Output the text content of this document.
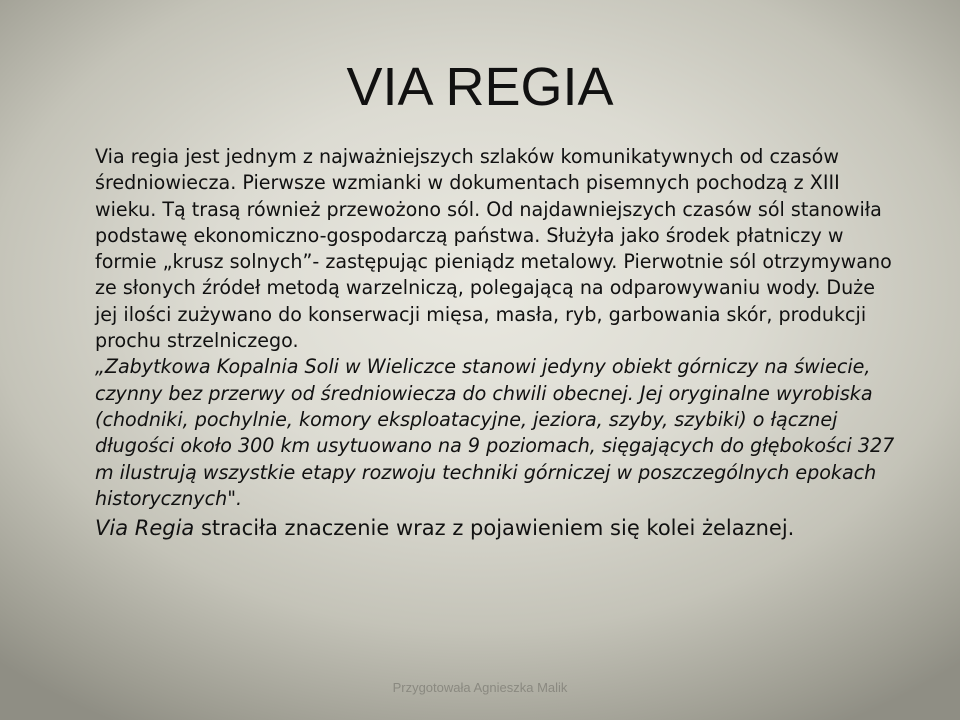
VIA REGIA

Via regia jest jednym z najważniejszych szlaków komunikatywnych od czasów średniowiecza. Pierwsze wzmianki w dokumentach pisemnych pochodzą z XIII wieku. Tą trasą również przewożono sól. Od najdawniejszych czasów sól stanowiła podstawę ekonomiczno-gospodarczą państwa. Służyła jako środek płatniczy w formie „krusz solnych”- zastępując pieniądz metalowy. Pierwotnie sól otrzymywano ze słonych źródeł metodą warzelniczą, polegającą na odparowywaniu wody. Duże jej ilości zużywano do konserwacji mięsa, masła, ryb, garbowania skór, produkcji prochu strzelniczego.

„Zabytkowa Kopalnia Soli w Wieliczce stanowi jedyny obiekt górniczy na świecie, czynny bez przerwy od średniowiecza do chwili obecnej. Jej oryginalne wyrobiska (chodniki, pochylnie, komory eksploatacyjne, jeziora, szyby, szybiki) o łącznej długości około 300 km usytuowano na 9 poziomach, sięgających do głębokości 327 m ilustrują wszystkie etapy rozwoju techniki górniczej w poszczególnych epokach historycznych".

Via Regia straciła znaczenie wraz z pojawieniem się kolei żelaznej.

Przygotowała Agnieszka Malik
